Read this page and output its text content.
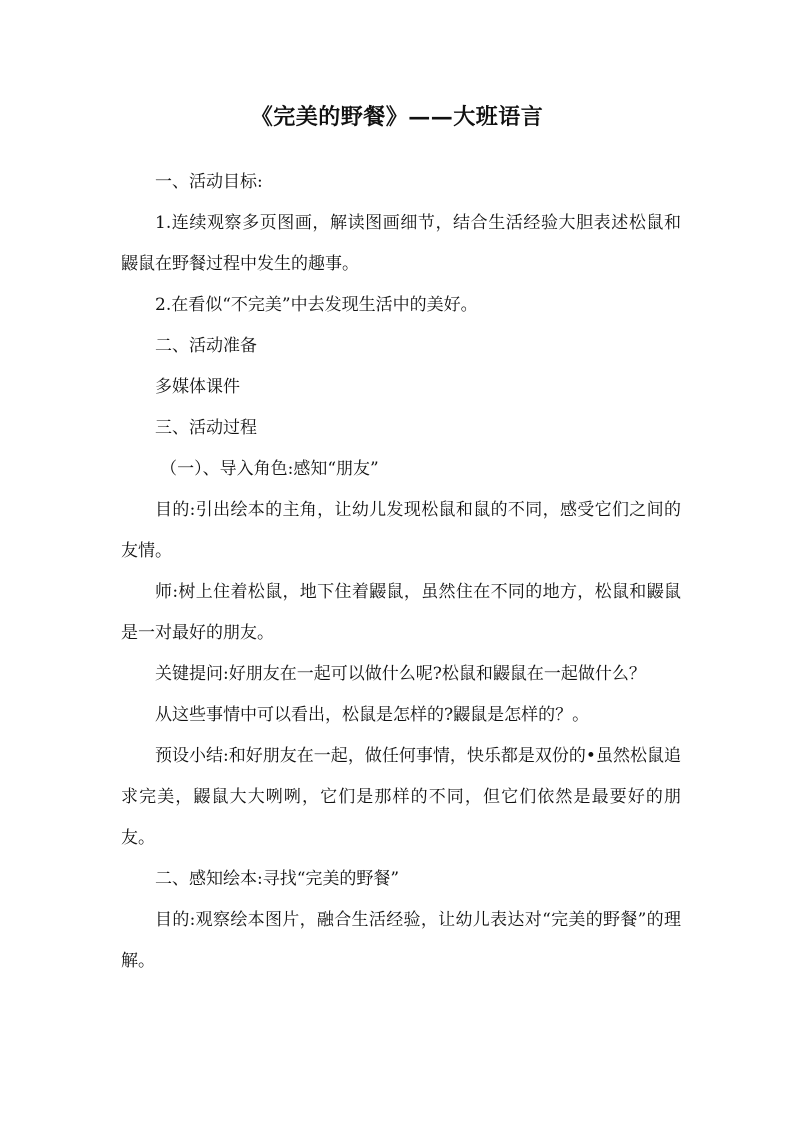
《完美的野餐》——大班语言

一、活动目标:

1.连续观察多页图画，解读图画细节，结合生活经验大胆表述松鼠和鼹鼠在野餐过程中发生的趣事。

2.在看似“不完美”中去发现生活中的美好。

二、活动准备

多媒体课件

三、活动过程

（一）、导入角色:感知“朋友”

目的:引出绘本的主角，让幼儿发现松鼠和鼠的不同，感受它们之间的友情。

师:树上住着松鼠，地下住着鼹鼠，虽然住在不同的地方，松鼠和鼹鼠是一对最好的朋友。

关键提问:好朋友在一起可以做什么呢?松鼠和鼹鼠在一起做什么？

从这些事情中可以看出，松鼠是怎样的?鼹鼠是怎样的？。

预设小结:和好朋友在一起，做任何事情，快乐都是双份的•虽然松鼠追求完美，鼹鼠大大咧咧，它们是那样的不同，但它们依然是最要好的朋友。

二、感知绘本:寻找“完美的野餐”

目的:观察绘本图片，融合生活经验，让幼儿表达对“完美的野餐”的理解。
